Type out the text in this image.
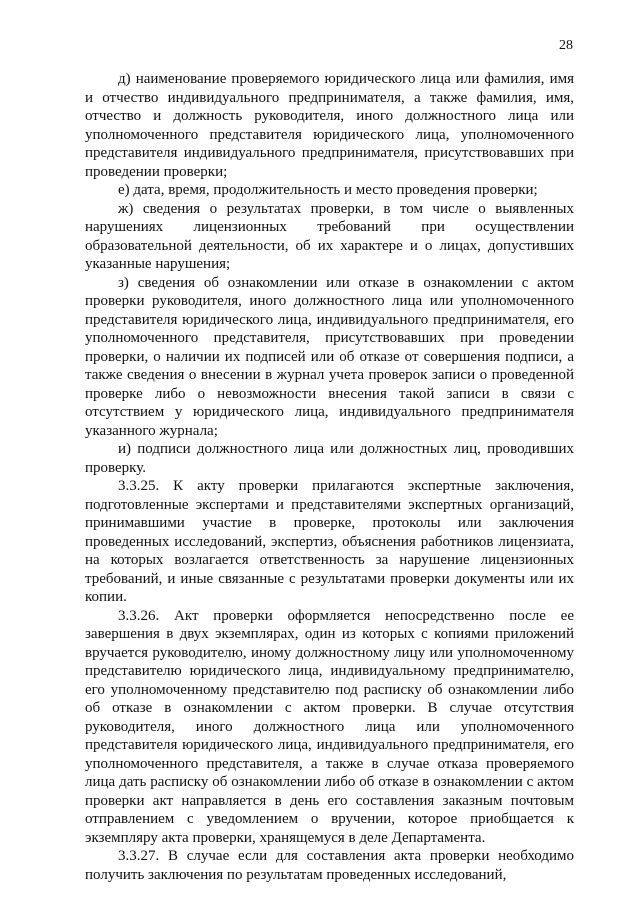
28

д) наименование проверяемого юридического лица или фамилия, имя и отчество индивидуального предпринимателя, а также фамилия, имя, отчество и должность руководителя, иного должностного лица или уполномоченного представителя юридического лица, уполномоченного представителя индивидуального предпринимателя, присутствовавших при проведении проверки;

е) дата, время, продолжительность и место проведения проверки;

ж) сведения о результатах проверки, в том числе о выявленных нарушениях лицензионных требований при осуществлении образовательной деятельности, об их характере и о лицах, допустивших указанные нарушения;

з) сведения об ознакомлении или отказе в ознакомлении с актом проверки руководителя, иного должностного лица или уполномоченного представителя юридического лица, индивидуального предпринимателя, его уполномоченного представителя, присутствовавших при проведении проверки, о наличии их подписей или об отказе от совершения подписи, а также сведения о внесении в журнал учета проверок записи о проведенной проверке либо о невозможности внесения такой записи в связи с отсутствием у юридического лица, индивидуального предпринимателя указанного журнала;

и) подписи должностного лица или должностных лиц, проводивших проверку.

3.3.25. К акту проверки прилагаются экспертные заключения, подготовленные экспертами и представителями экспертных организаций, принимавшими участие в проверке, протоколы или заключения проведенных исследований, экспертиз, объяснения работников лицензиата, на которых возлагается ответственность за нарушение лицензионных требований, и иные связанные с результатами проверки документы или их копии.

3.3.26. Акт проверки оформляется непосредственно после ее завершения в двух экземплярах, один из которых с копиями приложений вручается руководителю, иному должностному лицу или уполномоченному представителю юридического лица, индивидуальному предпринимателю, его уполномоченному представителю под расписку об ознакомлении либо об отказе в ознакомлении с актом проверки. В случае отсутствия руководителя, иного должностного лица или уполномоченного представителя юридического лица, индивидуального предпринимателя, его уполномоченного представителя, а также в случае отказа проверяемого лица дать расписку об ознакомлении либо об отказе в ознакомлении с актом проверки акт направляется в день его составления заказным почтовым отправлением с уведомлением о вручении, которое приобщается к экземпляру акта проверки, хранящемуся в деле Департамента.

3.3.27. В случае если для составления акта проверки необходимо получить заключения по результатам проведенных исследований,
